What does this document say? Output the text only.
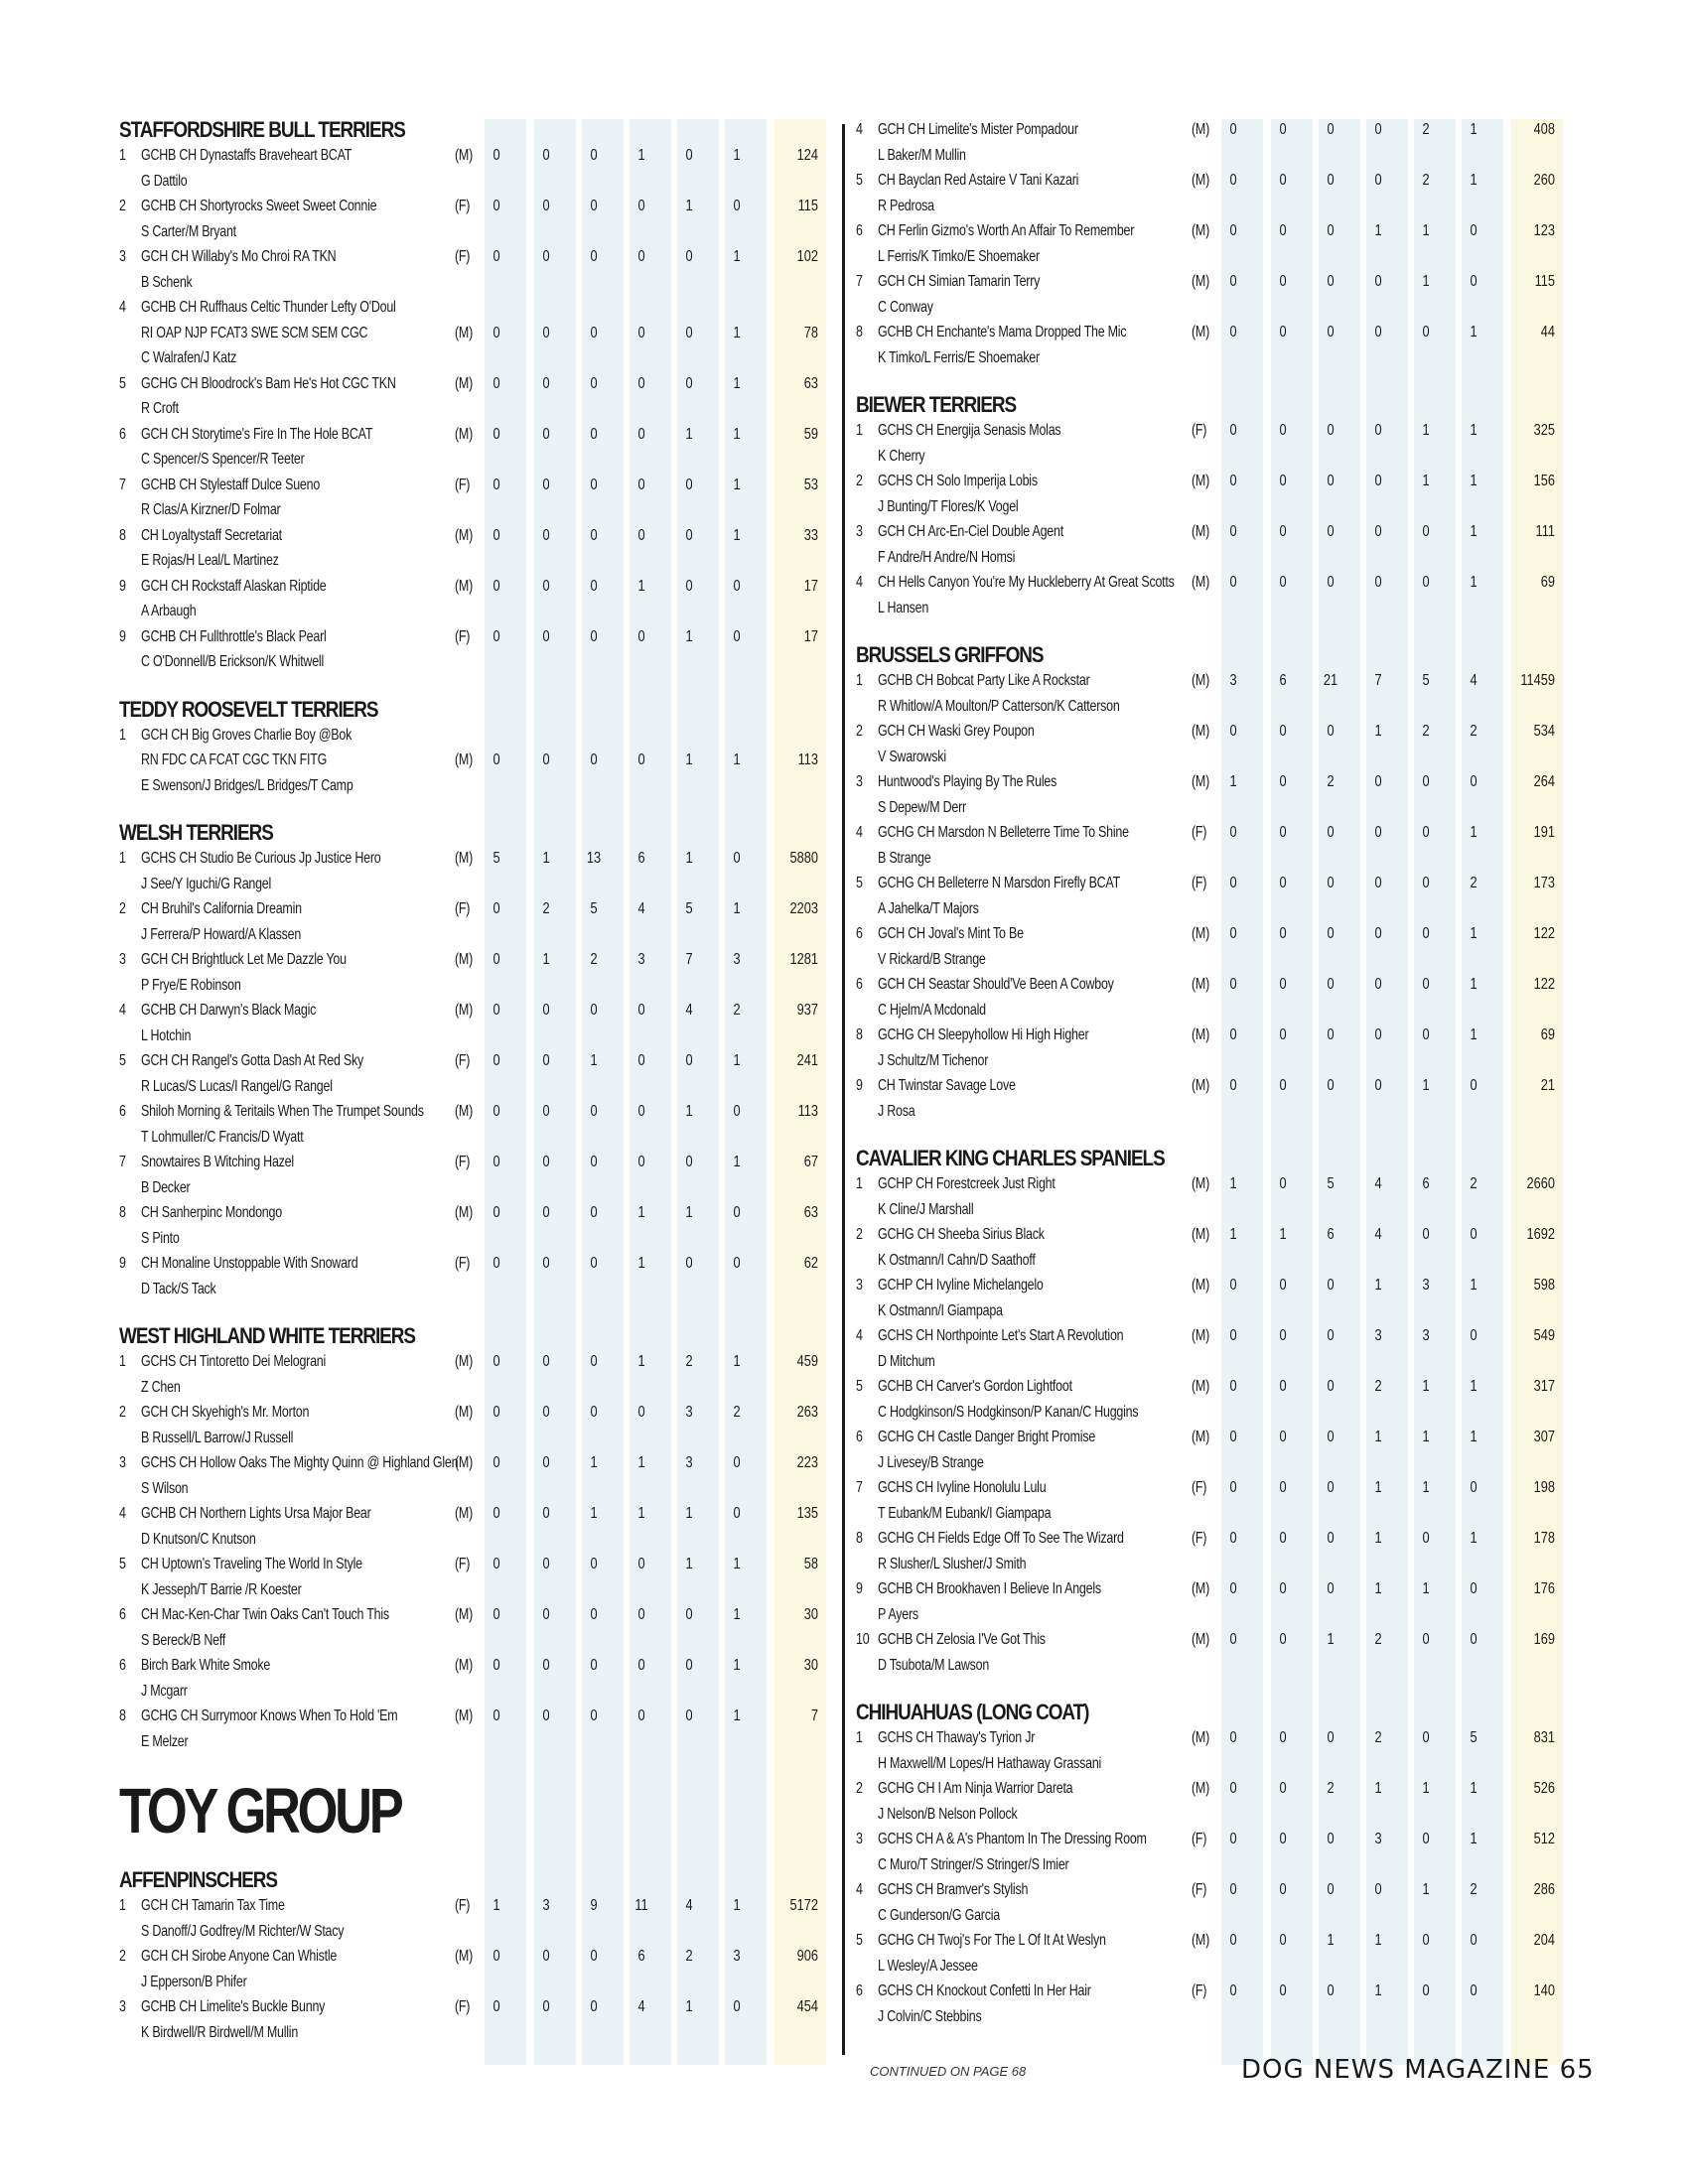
STAFFORDSHIRE BULL TERRIERS
1 GCHB CH Dynastaffs Braveheart BCAT	(M)	0	0	0	1	0	1	124
G Dattilo
2 GCHB CH Shortyrocks Sweet Sweet Connie	(F)	0	0	0	0	1	0	115
S Carter/M Bryant
3 GCH CH Willaby's Mo Chroi RA TKN	(F)	0	0	0	0	0	1	102
B Schenk
4 GCHB CH Ruffhaus Celtic Thunder Lefty O'Doul
RI OAP NJP FCAT3 SWE SCM SEM CGC	(M)	0	0	0	0	0	1	78
C Walrafen/J Katz
5 GCHG CH Bloodrock's Bam He's Hot CGC TKN	(M)	0	0	0	0	0	1	63
R Croft
6 GCH CH Storytime's Fire In The Hole BCAT	(M)	0	0	0	0	1	1	59
C Spencer/S Spencer/R Teeter
7 GCHB CH Stylestaff Dulce Sueno	(F)	0	0	0	0	0	1	53
R Clas/A Kirzner/D Folmar
8 CH Loyaltystaff Secretariat	(M)	0	0	0	0	0	1	33
E Rojas/H Leal/L Martinez
9 GCH CH Rockstaff Alaskan Riptide	(M)	0	0	0	1	0	0	17
A Arbaugh
9 GCHB CH Fullthrottle's Black Pearl	(F)	0	0	0	0	1	0	17
C O'Donnell/B Erickson/K Whitwell
TEDDY ROOSEVELT TERRIERS
1 GCH CH Big Groves Charlie Boy @Bok
RN FDC CA FCAT CGC TKN FITG	(M)	0	0	0	0	1	1	113
E Swenson/J Bridges/L Bridges/T Camp
WELSH TERRIERS
1 GCHS CH Studio Be Curious Jp Justice Hero	(M)	5	1	13	6	1	0	5880
J See/Y Iguchi/G Rangel
2 CH Bruhil's California Dreamin	(F)	0	2	5	4	5	1	2203
J Ferrera/P Howard/A Klassen
3 GCH CH Brightluck Let Me Dazzle You	(M)	0	1	2	3	7	3	1281
P Frye/E Robinson
4 GCHB CH Darwyn's Black Magic	(M)	0	0	0	0	4	2	937
L Hotchin
5 GCH CH Rangel's Gotta Dash At Red Sky	(F)	0	0	1	0	0	1	241
R Lucas/S Lucas/I Rangel/G Rangel
6 Shiloh Morning & Teritails When The Trumpet Sounds (M)	0	0	0	0	1	0	113
T Lohmuller/C Francis/D Wyatt
7 Snowtaires B Witching Hazel	(F)	0	0	0	0	0	1	67
B Decker
8 CH Sanherpinc Mondongo	(M)	0	0	0	1	1	0	63
S Pinto
9 CH Monaline Unstoppable With Snoward	(F)	0	0	0	1	0	0	62
D Tack/S Tack
WEST HIGHLAND WHITE TERRIERS
1 GCHS CH Tintoretto Dei Melograni	(M)	0	0	0	1	2	1	459
Z Chen
2 GCH CH Skyehigh's Mr. Morton	(M)	0	0	0	0	3	2	263
B Russell/L Barrow/J Russell
3 GCHS CH Hollow Oaks The Mighty Quinn @ Highland Glen
(M)	0	0	1	1	3	0	223
S Wilson
4 GCHB CH Northern Lights Ursa Major Bear	(M)	0	0	1	1	1	0	135
D Knutson/C Knutson
5 CH Uptown's Traveling The World In Style	(F)	0	0	0	0	1	1	58
K Jesseph/T Barrie /R Koester
6 CH Mac-Ken-Char Twin Oaks Can't Touch This	(M)	0	0	0	0	0	1	30
S Bereck/B Neff
6 Birch Bark White Smoke	(M)	0	0	0	0	0	1	30
J Mcgarr
8 GCHG CH Surrymoor Knows When To Hold 'Em	(M)	0	0	0	0	0	1	7
E Melzer
TOY GROUP
AFFENPINSCHERS
1 GCH CH Tamarin Tax Time	(F)	1	3	9	11	4	1	5172
S Danoff/J Godfrey/M Richter/W Stacy
2 GCH CH Sirobe Anyone Can Whistle	(M)	0	0	0	6	2	3	906
J Epperson/B Phifer
3 GCHB CH Limelite's Buckle Bunny	(F)	0	0	0	4	1	0	454
K Birdwell/R Birdwell/M Mullin
4 GCH CH Limelite's Mister Pompadour	(M)	0	0	0	0	2	1	408
L Baker/M Mullin
5 CH Bayclan Red Astaire V Tani Kazari	(M)	0	0	0	0	2	1	260
R Pedrosa
6 CH Ferlin Gizmo's Worth An Affair To Remember	(M)	0	0	0	1	1	0	123
L Ferris/K Timko/E Shoemaker
7 GCH CH Simian Tamarin Terry	(M)	0	0	0	0	1	0	115
C Conway
8 GCHB CH Enchante's Mama Dropped The Mic	(M)	0	0	0	0	0	1	44
K Timko/L Ferris/E Shoemaker
BIEWER TERRIERS
1 GCHS CH Energija Senasis Molas	(F)	0	0	0	0	1	1	325
K Cherry
2 GCHS CH Solo Imperija Lobis	(M)	0	0	0	0	1	1	156
J Bunting/T Flores/K Vogel
3 GCH CH Arc-En-Ciel Double Agent	(M)	0	0	0	0	0	1	111
F Andre/H Andre/N Homsi
4 CH Hells Canyon You're My Huckleberry At Great Scotts (M)	0	0	0	0	0	1	69
L Hansen
BRUSSELS GRIFFONS
1 GCHB CH Bobcat Party Like A Rockstar	(M)	3	6	21	7	5	4	11459
R Whitlow/A Moulton/P Catterson/K Catterson
2 GCH CH Waski Grey Poupon	(M)	0	0	0	1	2	2	534
V Swarowski
3 Huntwood's Playing By The Rules	(M)	1	0	2	0	0	0	264
S Depew/M Derr
4 GCHG CH Marsdon N Belleterre Time To Shine	(F)	0	0	0	0	0	1	191
B Strange
5 GCHG CH Belleterre N Marsdon Firefly BCAT	(F)	0	0	0	0	0	2	173
A Jahelka/T Majors
6 GCH CH Joval's Mint To Be	(M)	0	0	0	0	0	1	122
V Rickard/B Strange
6 GCH CH Seastar Should'Ve Been A Cowboy	(M)	0	0	0	0	0	1	122
C Hjelm/A Mcdonald
8 GCHG CH Sleepyhollow Hi High Higher	(M)	0	0	0	0	0	1	69
J Schultz/M Tichenor
9 CH Twinstar Savage Love	(M)	0	0	0	0	1	0	21
J Rosa
CAVALIER KING CHARLES SPANIELS
1 GCHP CH Forestcreek Just Right	(M)	1	0	5	4	6	2	2660
K Cline/J Marshall
2 GCHG CH Sheeba Sirius Black	(M)	1	1	6	4	0	0	1692
K Ostmann/I Cahn/D Saathoff
3 GCHP CH Ivyline Michelangelo	(M)	0	0	0	1	3	1	598
K Ostmann/I Giampapa
4 GCHS CH Northpointe Let's Start A Revolution	(M)	0	0	0	3	3	0	549
D Mitchum
5 GCHB CH Carver's Gordon Lightfoot	(M)	0	0	0	2	1	1	317
C Hodgkinson/S Hodgkinson/P Kanan/C Huggins
6 GCHG CH Castle Danger Bright Promise	(M)	0	0	0	1	1	1	307
J Livesey/B Strange
7 GCHS CH Ivyline Honolulu Lulu	(F)	0	0	0	1	1	0	198
T Eubank/M Eubank/I Giampapa
8 GCHG CH Fields Edge Off To See The Wizard	(F)	0	0	0	1	0	1	178
R Slusher/L Slusher/J Smith
9 GCHB CH Brookhaven I Believe In Angels	(M)	0	0	0	1	1	0	176
P Ayers
10 GCHB CH Zelosia I'Ve Got This	(M)	0	0	1	2	0	0	169
D Tsubota/M Lawson
CHIHUAHUAS (LONG COAT)
1 GCHS CH Thaway's Tyrion Jr	(M)	0	0	0	2	0	5	831
H Maxwell/M Lopes/H Hathaway Grassani
2 GCHG CH I Am Ninja Warrior Dareta	(M)	0	0	2	1	1	1	526
J Nelson/B Nelson Pollock
3 GCHS CH A & A's Phantom In The Dressing Room	(F)	0	0	0	3	0	1	512
C Muro/T Stringer/S Stringer/S Imier
4 GCHS CH Bramver's Stylish	(F)	0	0	0	0	1	2	286
C Gunderson/G Garcia
5 GCHG CH Twoj's For The L Of It At Weslyn	(M)	0	0	1	1	0	0	204
L Wesley/A Jessee
6 GCHS CH Knockout Confetti In Her Hair	(F)	0	0	0	1	0	0	140
J Colvin/C Stebbins
CONTINUED ON PAGE 68	DOG NEWS MAGAZINE 65
